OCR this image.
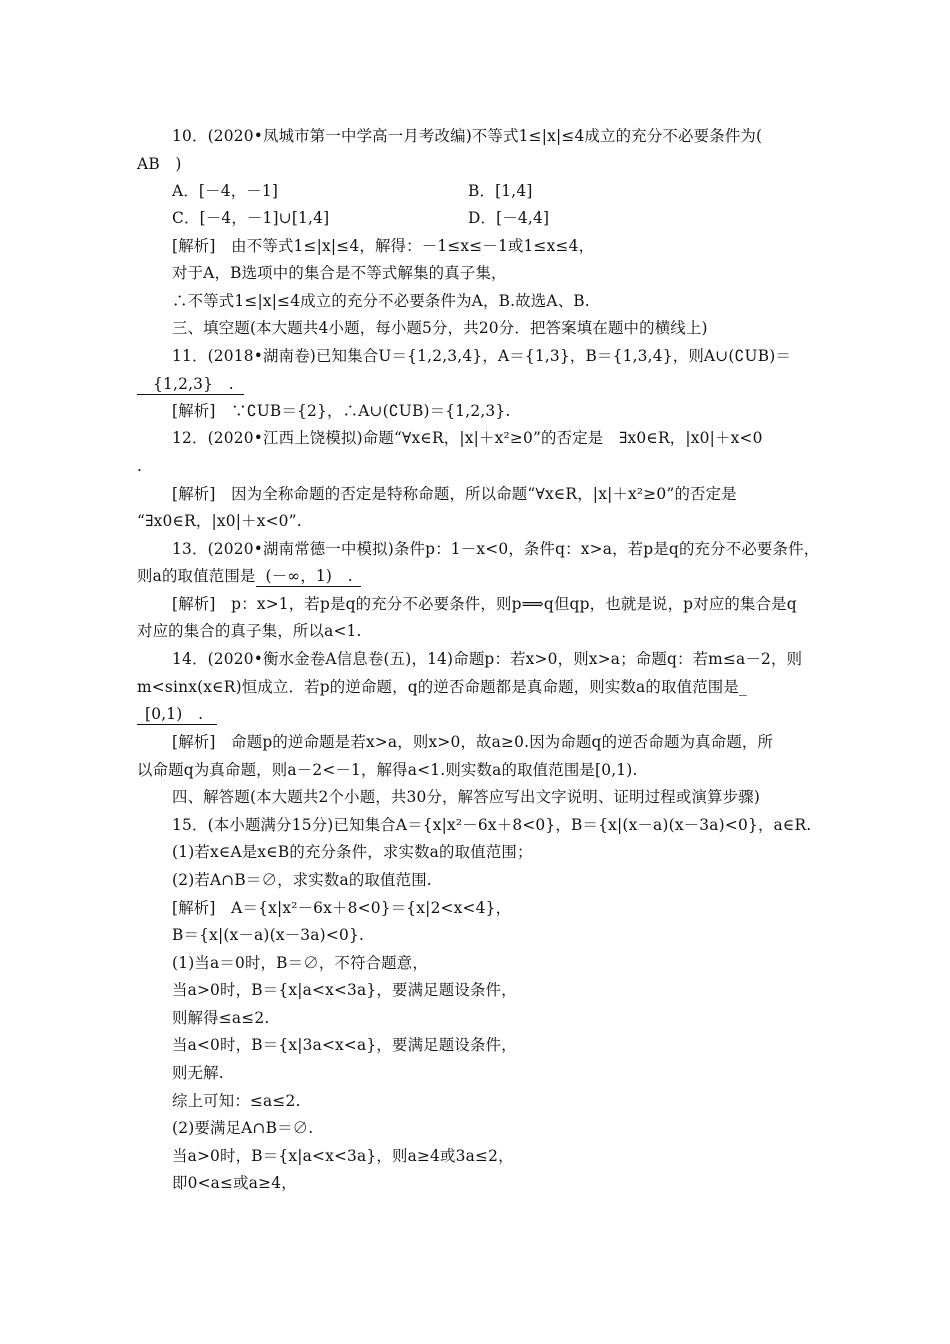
10．(2020•凤城市第一中学高一月考改编)不等式1≤|x|≤4成立的充分不必要条件为(
AB　)
A．[－4，－1]	B．[1,4]
C．[－4，－1]∪[1,4]	D．[－4,4]
[解析]　由不等式1≤|x|≤4，解得：－1≤x≤－1或1≤x≤4，
对于A，B选项中的集合是不等式解集的真子集，
∴不等式1≤|x|≤4成立的充分不必要条件为A，B.故选A、B.
三、填空题(本大题共4小题，每小题5分，共20分．把答案填在题中的横线上)
11．(2018•湖南卷)已知集合U＝{1,2,3,4}，A＝{1,3}，B＝{1,3,4}，则A∪(∁UB)＝
{1,2,3}　.
[解析]　∵∁UB＝{2}，∴A∪(∁UB)＝{1,2,3}.
12．(2020•江西上饶模拟)命题“∀x∈R，|x|＋x²≥0”的否定是　∃x0∈R，|x0|＋x<0
.
[解析]　因为全称命题的否定是特称命题，所以命题“∀x∈R，|x|＋x²≥0”的否定是
“∃x0∈R，|x0|＋x<0”.
13．(2020•湖南常德一中模拟)条件p：1－x<0，条件q：x>a，若p是q的充分不必要条件，
则a的取值范围是 (－∞，1)　.
[解析]　p：x>1，若p是q的充分不必要条件，则p⟹q但qp，也就是说，p对应的集合是q
对应的集合的真子集，所以a<1.
14．(2020•衡水金卷A信息卷(五)，14)命题p：若x>0，则x>a；命题q：若m≤a－2，则
m<sinx(x∈R)恒成立．若p的逆命题，q的逆否命题都是真命题，则实数a的取值范围是_
[0,1)　.
[解析]　命题p的逆命题是若x>a，则x>0，故a≥0.因为命题q的逆否命题为真命题，所
以命题q为真命题，则a－2<－1，解得a<1.则实数a的取值范围是[0,1).
四、解答题(本大题共2个小题，共30分，解答应写出文字说明、证明过程或演算步骤)
15．(本小题满分15分)已知集合A＝{x|x²－6x＋8<0}，B＝{x|(x－a)(x－3a)<0}，a∈R.
(1)若x∈A是x∈B的充分条件，求实数a的取值范围；
(2)若A∩B＝∅，求实数a的取值范围.
[解析]　A＝{x|x²－6x＋8<0}＝{x|2<x<4}，
B＝{x|(x－a)(x－3a)<0}.
(1)当a＝0时，B＝∅，不符合题意，
当a>0时，B＝{x|a<x<3a}，要满足题设条件，
则解得≤a≤2.
当a<0时，B＝{x|3a<x<a}，要满足题设条件，
则无解.
综上可知：≤a≤2.
(2)要满足A∩B＝∅.
当a>0时，B＝{x|a<x<3a}，则a≥4或3a≤2，
即0<a≤或a≥4，
